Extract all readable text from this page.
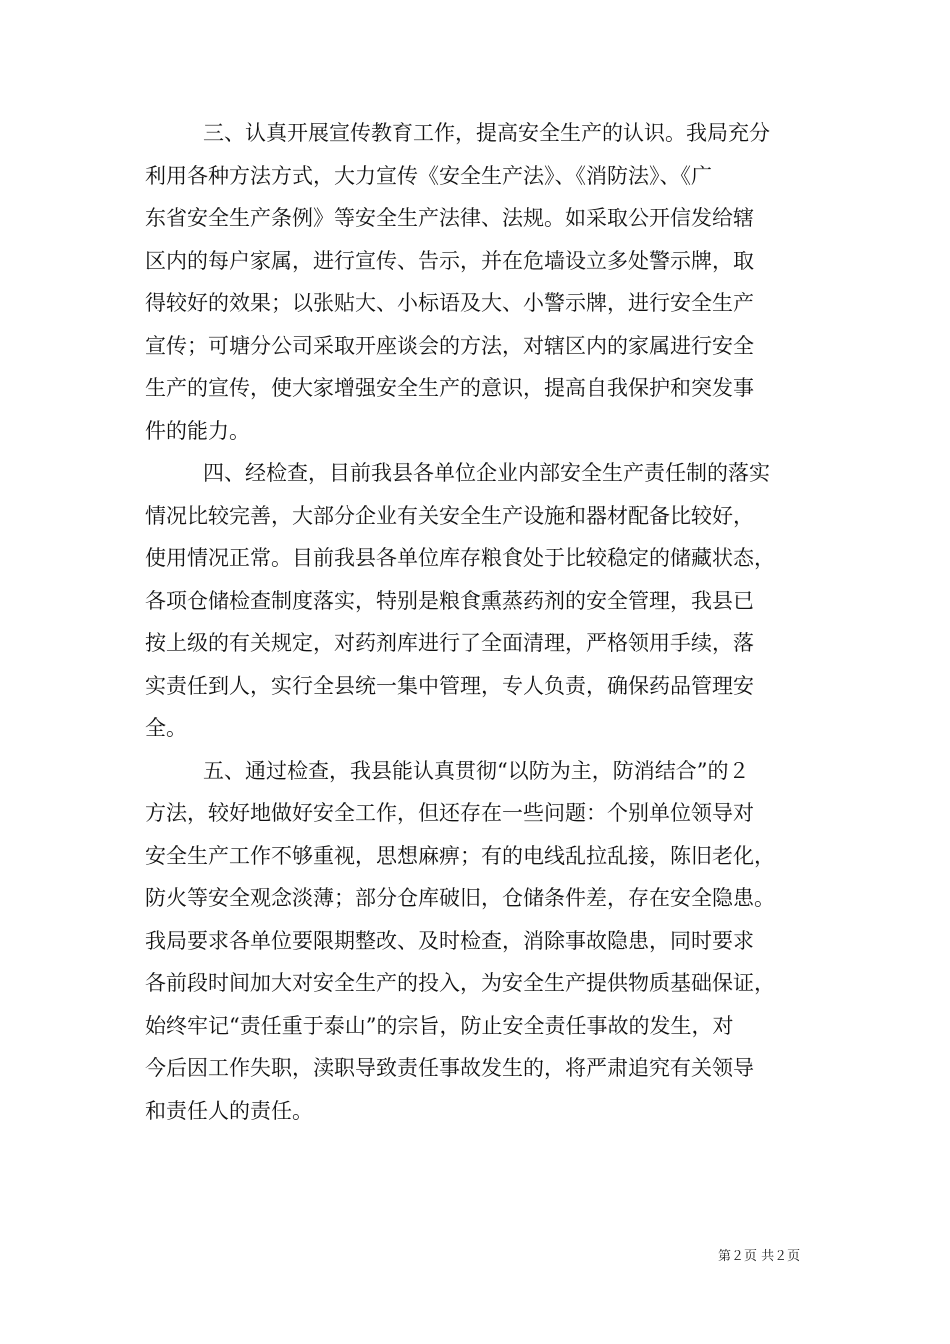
三、认真开展宣传教育工作，提高安全生产的认识。我局充分
利用各种方法方式，大力宣传《安全生产法》、《消防法》、《广
东省安全生产条例》等安全生产法律、法规。如采取公开信发给辖
区内的每户家属，进行宣传、告示，并在危墙设立多处警示牌，取
得较好的效果；以张贴大、小标语及大、小警示牌，进行安全生产
宣传；可塘分公司采取开座谈会的方法，对辖区内的家属进行安全
生产的宣传，使大家增强安全生产的意识，提高自我保护和突发事
件的能力。
四、经检查，目前我县各单位企业内部安全生产责任制的落实
情况比较完善，大部分企业有关安全生产设施和器材配备比较好，
使用情况正常。目前我县各单位库存粮食处于比较稳定的储藏状态，
各项仓储检查制度落实，特别是粮食熏蒸药剂的安全管理，我县已
按上级的有关规定，对药剂库进行了全面清理，严格领用手续，落
实责任到人，实行全县统一集中管理，专人负责，确保药品管理安
全。
五、通过检查，我县能认真贯彻“以防为主，防消结合”的２
方法，较好地做好安全工作，但还存在一些问题：个别单位领导对
安全生产工作不够重视，思想麻痹；有的电线乱拉乱接，陈旧老化，
防火等安全观念淡薄；部分仓库破旧，仓储条件差，存在安全隐患。
我局要求各单位要限期整改、及时检查，消除事故隐患，同时要求
各前段时间加大对安全生产的投入，为安全生产提供物质基础保证，
始终牢记“责任重于泰山”的宗旨，防止安全责任事故的发生，对
今后因工作失职，渎职导致责任事故发生的，将严肃追究有关领导
和责任人的责任。
第２页 共２页
